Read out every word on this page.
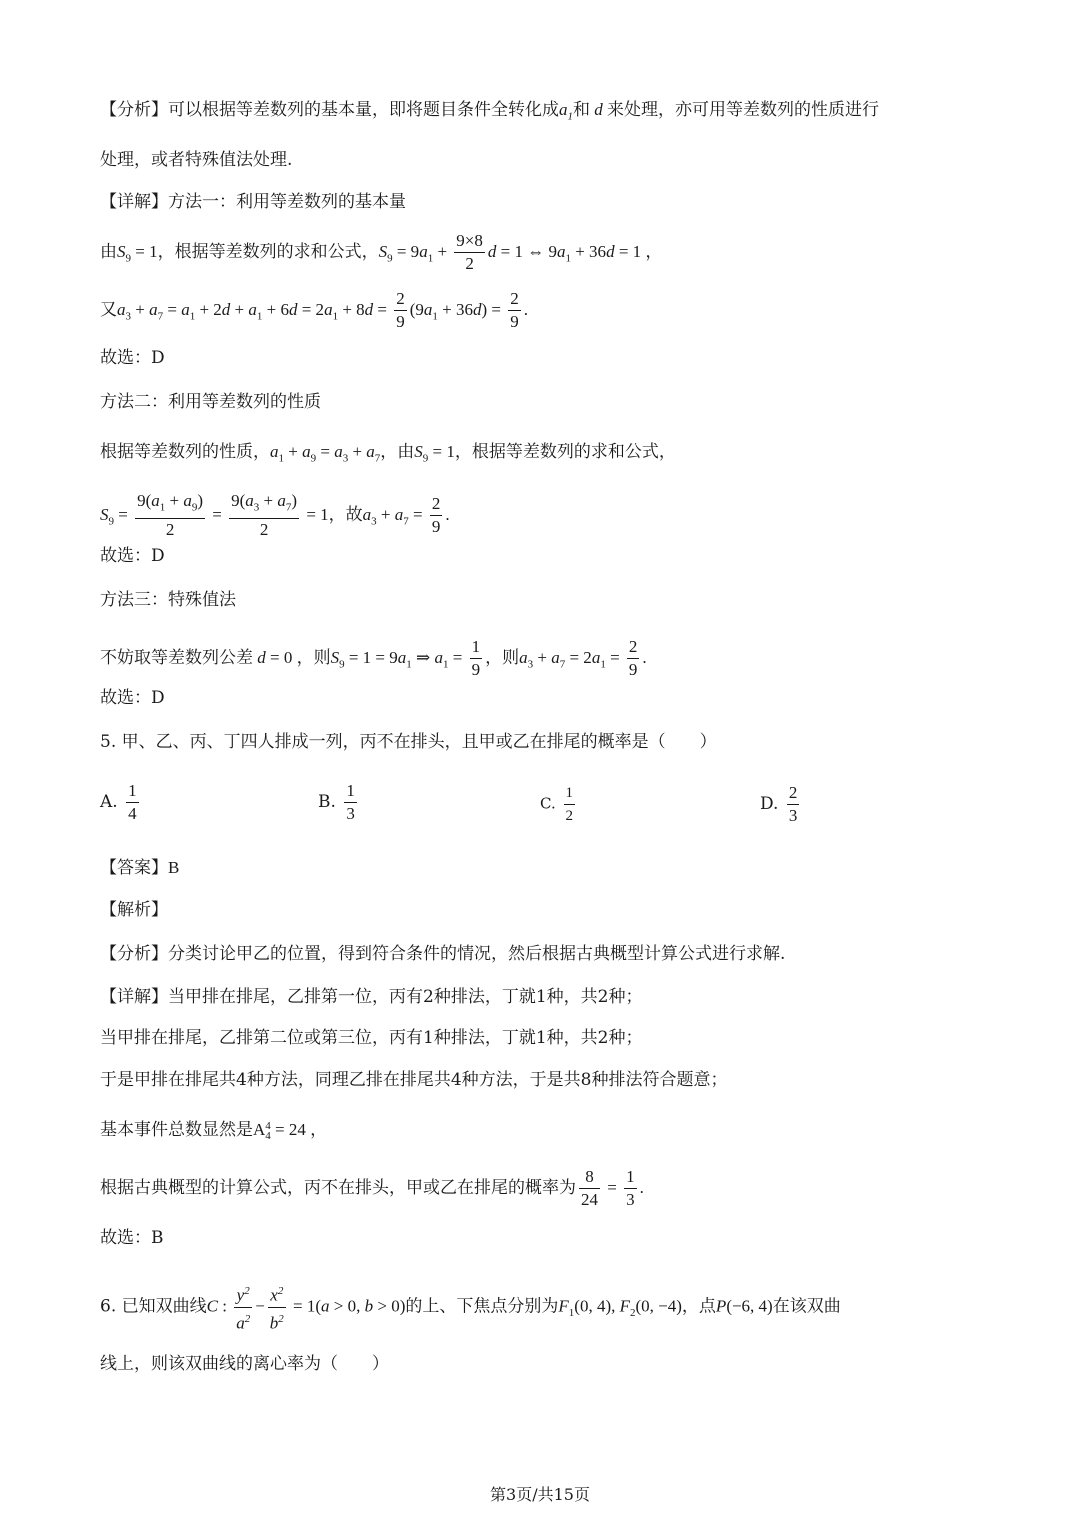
【分析】可以根据等差数列的基本量，即将题目条件全转化成$a_1$和 d 来处理，亦可用等差数列的性质进行
处理，或者特殊值法处理.
【详解】方法一：利用等差数列的基本量
由$S_9 = 1$，根据等差数列的求和公式，$S_9 = 9a_1 + \frac{9\times 8}{2}$ d = 1 ⇔ $9a_1 + 36d = 1$ ，
又$a_3 + a_7 = a_1 + 2d + a_1 + 6d = 2a_1 + 8d = \frac{2}{9} (9a_1 + 36d) = \frac{2}{9}$ .
故选：D
方法二：利用等差数列的性质
根据等差数列的性质，$a_1 + a_9 = a_3 + a_7$，由$S_9 = 1$，根据等差数列的求和公式，
$S_9 = \frac{9(a_1 + a_9)}{2} = \frac{9(a_3 + a_7)}{2} = 1$，故$a_3 + a_7 = \frac{2}{9}$ .
故选：D
方法三：特殊值法
不妨取等差数列公差 d = 0 ，则$S_9 = 1 = 9a_1$ ⇒ $a_1 = \frac{1}{9}$ ，则$a_3 + a_7 = 2a_1 = \frac{2}{9}$ .
故选：D
5. 甲、乙、丙、丁四人排成一列，丙不在排头，且甲或乙在排尾的概率是（　　）
A. $\frac{1}{4}$	B. $\frac{1}{3}$	C. $\frac{1}{2}$	D. $\frac{2}{3}$
【答案】B
【解析】
【分析】分类讨论甲乙的位置，得到符合条件的情况，然后根据古典概型计算公式进行求解.
【详解】当甲排在排尾，乙排第一位，丙有2种排法，丁就1种，共2种；
当甲排在排尾，乙排第二位或第三位，丙有1种排法，丁就1种，共2种；
于是甲排在排尾共4种方法，同理乙排在排尾共4种方法，于是共8种排法符合题意；
基本事件总数显然是A 4
4 = 24 ，
根据古典概型的计算公式，丙不在排头，甲或乙在排尾的概率为 $\frac{8}{24} = \frac{1}{3}$ .
故选：B
6. 已知双曲线C : $\frac{y^2}{a^2} - \frac{x^2}{b^2} = 1(a > 0$, b > 0)的上、下焦点分别为$F_1(0$, 4), $F_2(0$, −4)，点P(−6, 4)在该双曲
线上，则该双曲线的离心率为（　　）
第3页/共15页
